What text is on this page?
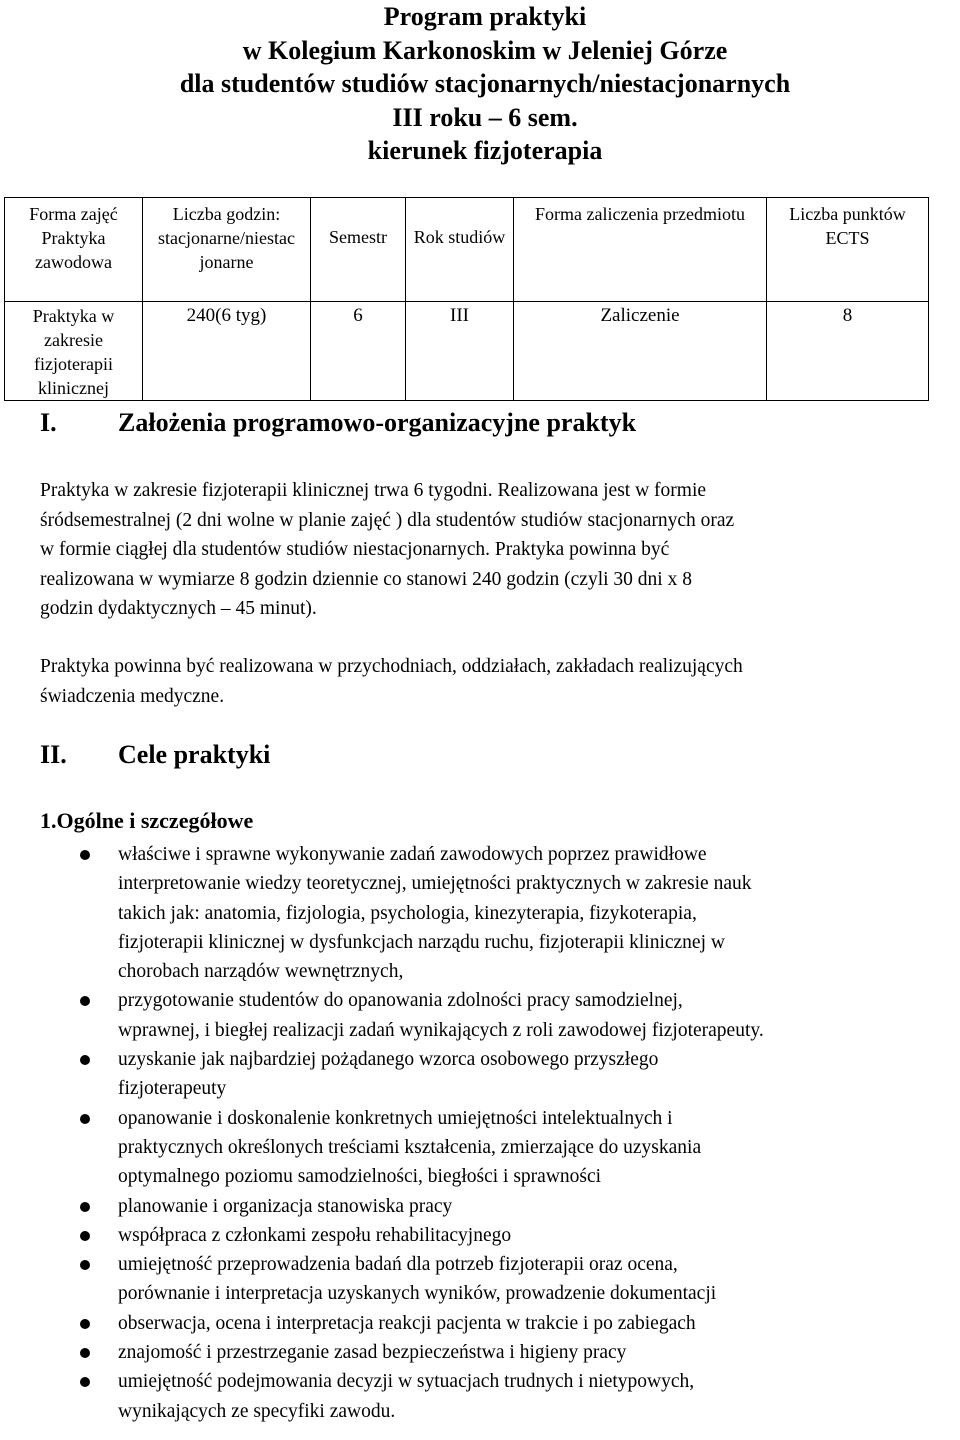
Program praktyki
w Kolegium Karkonoskim w Jeleniej Górze
dla studentów studiów stacjonarnych/niestacjonarnych
III roku – 6 sem.
kierunek fizjoterapia
Forma zajęć Praktyka zawodowa	Liczba godzin: stacjonarne/niestac jonarne	Semestr	Rok studiów	Forma zaliczenia przedmiotu	Liczba punktów ECTS
Praktyka w zakresie fizjoterapii klinicznej	240(6 tyg)	6	III	Zaliczenie	8
I. Założenia programowo-organizacyjne praktyk
Praktyka w zakresie fizjoterapii klinicznej trwa 6 tygodni. Realizowana jest w formie
śródsemestralnej (2 dni wolne w planie zajęć ) dla studentów studiów stacjonarnych oraz
w formie ciągłej dla studentów studiów niestacjonarnych. Praktyka powinna być
realizowana w wymiarze 8 godzin dziennie co stanowi 240 godzin (czyli 30 dni x 8
godzin dydaktycznych – 45 minut).
Praktyka powinna być realizowana w przychodniach, oddziałach, zakładach realizujących
świadczenia medyczne.
II. Cele praktyki
1.Ogólne i szczegółowe
właściwe i sprawne wykonywanie zadań zawodowych poprzez prawidłowe
interpretowanie wiedzy teoretycznej, umiejętności praktycznych w zakresie nauk
takich jak: anatomia, fizjologia, psychologia, kinezyterapia, fizykoterapia,
fizjoterapii klinicznej w dysfunkcjach narządu ruchu, fizjoterapii klinicznej w
chorobach narządów wewnętrznych,
przygotowanie studentów do opanowania zdolności pracy samodzielnej,
wprawnej, i biegłej realizacji zadań wynikających z roli zawodowej fizjoterapeuty.
uzyskanie jak najbardziej pożądanego wzorca osobowego przyszłego
fizjoterapeuty
opanowanie i doskonalenie konkretnych umiejętności intelektualnych i
praktycznych określonych treściami kształcenia, zmierzające do uzyskania
optymalnego poziomu samodzielności, biegłości i sprawności
planowanie i organizacja stanowiska pracy
współpraca z członkami zespołu rehabilitacyjnego
umiejętność przeprowadzenia badań dla potrzeb fizjoterapii oraz ocena,
porównanie i interpretacja uzyskanych wyników, prowadzenie dokumentacji
obserwacja, ocena i interpretacja reakcji pacjenta w trakcie i po zabiegach
znajomość i przestrzeganie zasad bezpieczeństwa i higieny pracy
umiejętność podejmowania decyzji w sytuacjach trudnych i nietypowych,
wynikających ze specyfiki zawodu.
